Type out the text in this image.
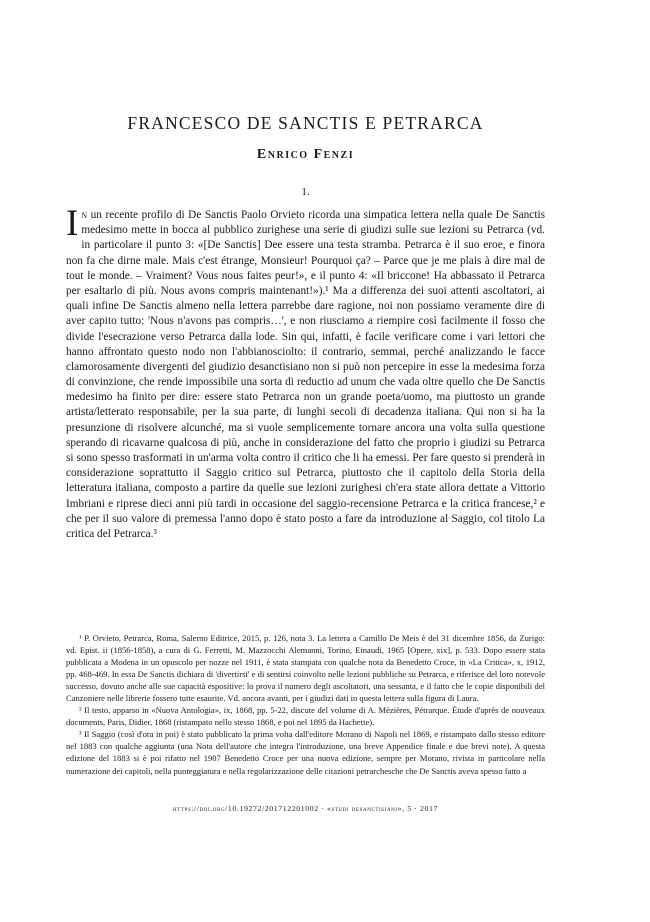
FRANCESCO DE SANCTIS E PETRARCA
Enrico Fenzi
1.

In un recente profilo di De Sanctis Paolo Orvieto ricorda una simpatica lettera nella quale De Sanctis medesimo mette in bocca al pubblico zurighese una serie di giudizi sulle sue lezioni su Petrarca (vd. in particolare il punto 3: «[De Sanctis] Dee essere una testa stramba. Petrarca è il suo eroe, e finora non fa che dirne male. Mais c'est étrange, Monsieur! Pourquoi ça? – Parce que je me plais à dire mal de tout le monde. – Vraiment? Vous nous faites peur!», e il punto 4: «Il briccone! Ha abbassato il Petrarca per esaltarlo di più. Nous avons compris maintenant!»).¹ Ma a differenza dei suoi attenti ascoltatori, ai quali infine De Sanctis almeno nella lettera parrebbe dare ragione, noi non possiamo veramente dire di aver capito tutto: 'Nous n'avons pas compris…', e non riusciamo a riempire così facilmente il fosso che divide l'esecrazione verso Petrarca dalla lode. Sin qui, infatti, è facile verificare come i vari lettori che hanno affrontato questo nodo non l'abbianosciolto: il contrario, semmai, perché analizzando le facce clamorosamente divergenti del giudizio desanctisiano non si può non percepire in esse la medesima forza di convinzione, che rende impossibile una sorta di reductio ad unum che vada oltre quello che De Sanctis medesimo ha finito per dire: essere stato Petrarca non un grande poeta/uomo, ma piuttosto un grande artista/letterato responsabile, per la sua parte, di lunghi secoli di decadenza italiana. Qui non si ha la presunzione di risolvere alcunché, ma si vuole semplicemente tornare ancora una volta sulla questione sperando di ricavarne qualcosa di più, anche in considerazione del fatto che proprio i giudizi su Petrarca si sono spesso trasformati in un'arma volta contro il critico che li ha emessi. Per fare questo si prenderà in considerazione soprattutto il Saggio critico sul Petrarca, piuttosto che il capitolo della Storia della letteratura italiana, composto a partire da quelle sue lezioni zurighesi ch'era state allora dettate a Vittorio Imbriani e riprese dieci anni più tardi in occasione del saggio-recensione Petrarca e la critica francese,² e che per il suo valore di premessa l'anno dopo è stato posto a fare da introduzione al Saggio, col titolo La critica del Petrarca.³

¹ P. Orvieto, Petrarca, Roma, Salerno Editrice, 2015, p. 126, nota 3. La lettera a Camillo De Meis è del 31 dicembre 1856, da Zurigo: vd. Epist. ii (1856-1858), a cura di G. Ferretti, M. Mazzocchi Alemanni, Torino, Einaudi, 1965 [Opere, xix], p. 533. Dopo essere stata pubblicata a Modena in un opuscolo per nozze nel 1911, è stata stampata con qualche nota da Benedetto Croce, in «La Critica», x, 1912, pp. 468-469. In essa De Sanctis dichiara di 'divertirsi' e di sentirsi coinvolto nelle lezioni pubbliche su Petrarca, e riferisce del loro notevole successo, dovuto anche alle sue capacità espositive: lo prova il numero degli ascoltatori, una sessanta, e il fatto che le copie disponibili del Canzoniere nelle librerie fossero tutte esaurite. Vd. ancora avanti, per i giudizi dati in questa lettera sulla figura di Laura.

² Il testo, apparso in «Nuova Antologia», ix, 1868, pp. 5-22, discute del volume di A. Mézières, Pétrarque. Étude d'après de nouveaux documents, Paris, Didier, 1868 (ristampato nello stesso 1868, e poi nel 1895 da Hachette).

³ Il Saggio (così d'ora in poi) è stato pubblicato la prima volta dall'editore Morano di Napoli nel 1869, e ristampato dallo stesso editore nel 1883 con qualche aggiunta (una Nota dell'autore che integra l'introduzione, una breve Appendice finale e due brevi note). A questa edizione del 1883 si è poi rifatto nel 1907 Benedetto Croce per una nuova edizione, sempre per Morano, rivista in particolare nella numerazione dei capitoli, nella punteggiatura e nella regolarizzazione delle citazioni petrarchesche che De Sanctis aveva spesso fatto a

https://doi.org/10.19272/201712201002 · «studi desanctisiani», 5 · 2017
